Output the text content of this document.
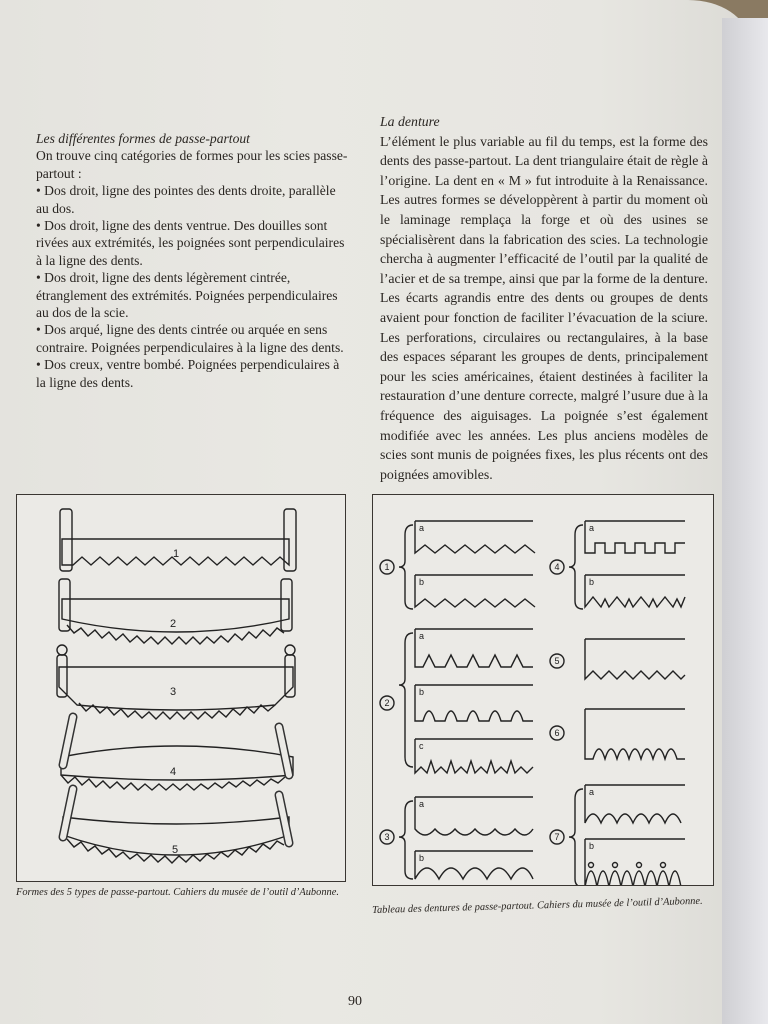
Les différentes formes de passe-partout

On trouve cinq catégories de formes pour les scies passe-partout :

• Dos droit, ligne des pointes des dents droite, parallèle au dos.

• Dos droit, ligne des dents ventrue. Des douilles sont rivées aux extrémités, les poignées sont perpendiculaires à la ligne des dents.

• Dos droit, ligne des dents légèrement cintrée, étranglement des extrémités. Poignées perpendiculaires au dos de la scie.

• Dos arqué, ligne des dents cintrée ou arquée en sens contraire. Poignées perpendiculaires à la ligne des dents.

• Dos creux, ventre bombé. Poignées perpendiculaires à la ligne des dents.

La denture

L’élément le plus variable au fil du temps, est la forme des dents des passe-partout. La dent triangulaire était de règle à l’origine. La dent en « M » fut introduite à la Renaissance. Les autres formes se développèrent à partir du moment où le laminage remplaça la forge et où des usines se spécialisèrent dans la fabrication des scies. La technologie chercha à augmenter l’efficacité de l’outil par la qualité de l’acier et de sa trempe, ainsi que par la forme de la denture. Les écarts agrandis entre des dents ou groupes de dents avaient pour fonction de faciliter l’évacuation de la sciure. Les perforations, circulaires ou rectangulaires, à la base des espaces séparant les groupes de dents, principalement pour les scies américaines, étaient destinées à faciliter la restauration d’une denture correcte, malgré l’usure due à la fréquence des aiguisages. La poignée s’est également modifiée avec les années. Les plus anciens modèles de scies sont munis de poignées fixes, les plus récents ont des poignées amovibles.

1
2
3
4
5
Formes des 5 types de passe-partout. Cahiers du musée de l’outil d’Aubonne.
1
2
3
4
5
6
7
a
b
a
b
c
a
b
a
b
a
b
Tableau des dentures de passe-partout. Cahiers du musée de l’outil d’Aubonne.
90
